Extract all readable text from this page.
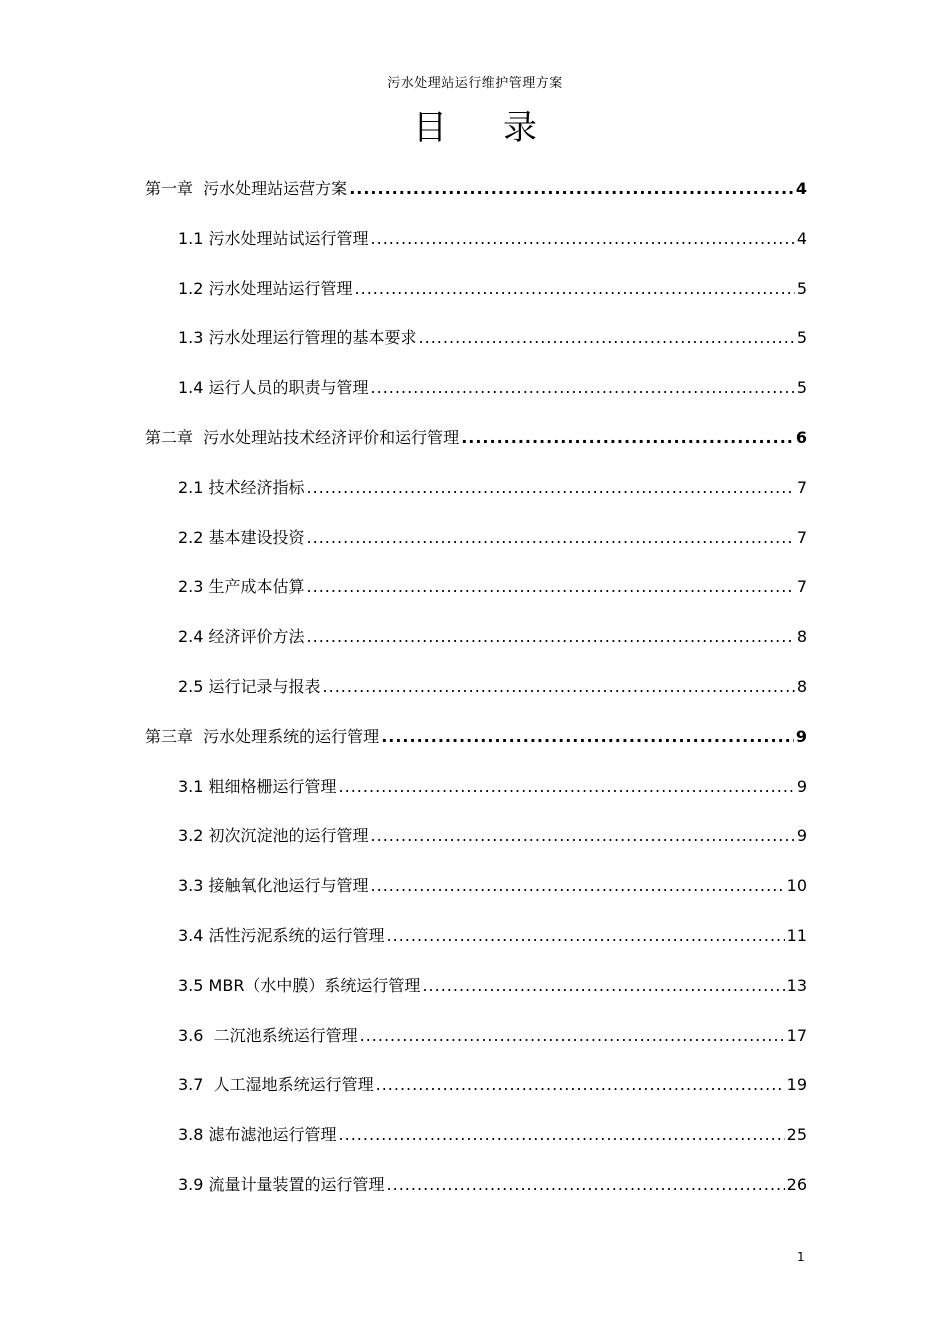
污水处理站运行维护管理方案
目 录
第一章  污水处理站运营方案 .....	4
1.1 污水处理站试运行管理 .....	4
1.2 污水处理站运行管理 .....	5
1.3 污水处理运行管理的基本要求 .....	5
1.4 运行人员的职责与管理 .....	5
第二章  污水处理站技术经济评价和运行管理 .....	6
2.1 技术经济指标 .....	7
2.2 基本建设投资 .....	7
2.3 生产成本估算 .....	7
2.4 经济评价方法 .....	8
2.5 运行记录与报表 .....	8
第三章  污水处理系统的运行管理 .....	9
3.1 粗细格栅运行管理 .....	9
3.2 初次沉淀池的运行管理 .....	9
3.3 接触氧化池运行与管理 .....	10
3.4 活性污泥系统的运行管理 .....	11
3.5 MBR（水中膜）系统运行管理 .....	13
3.6  二沉池系统运行管理 .....	17
3.7  人工湿地系统运行管理 .....	19
3.8 滤布滤池运行管理 .....	25
3.9 流量计量装置的运行管理 .....	26
1
